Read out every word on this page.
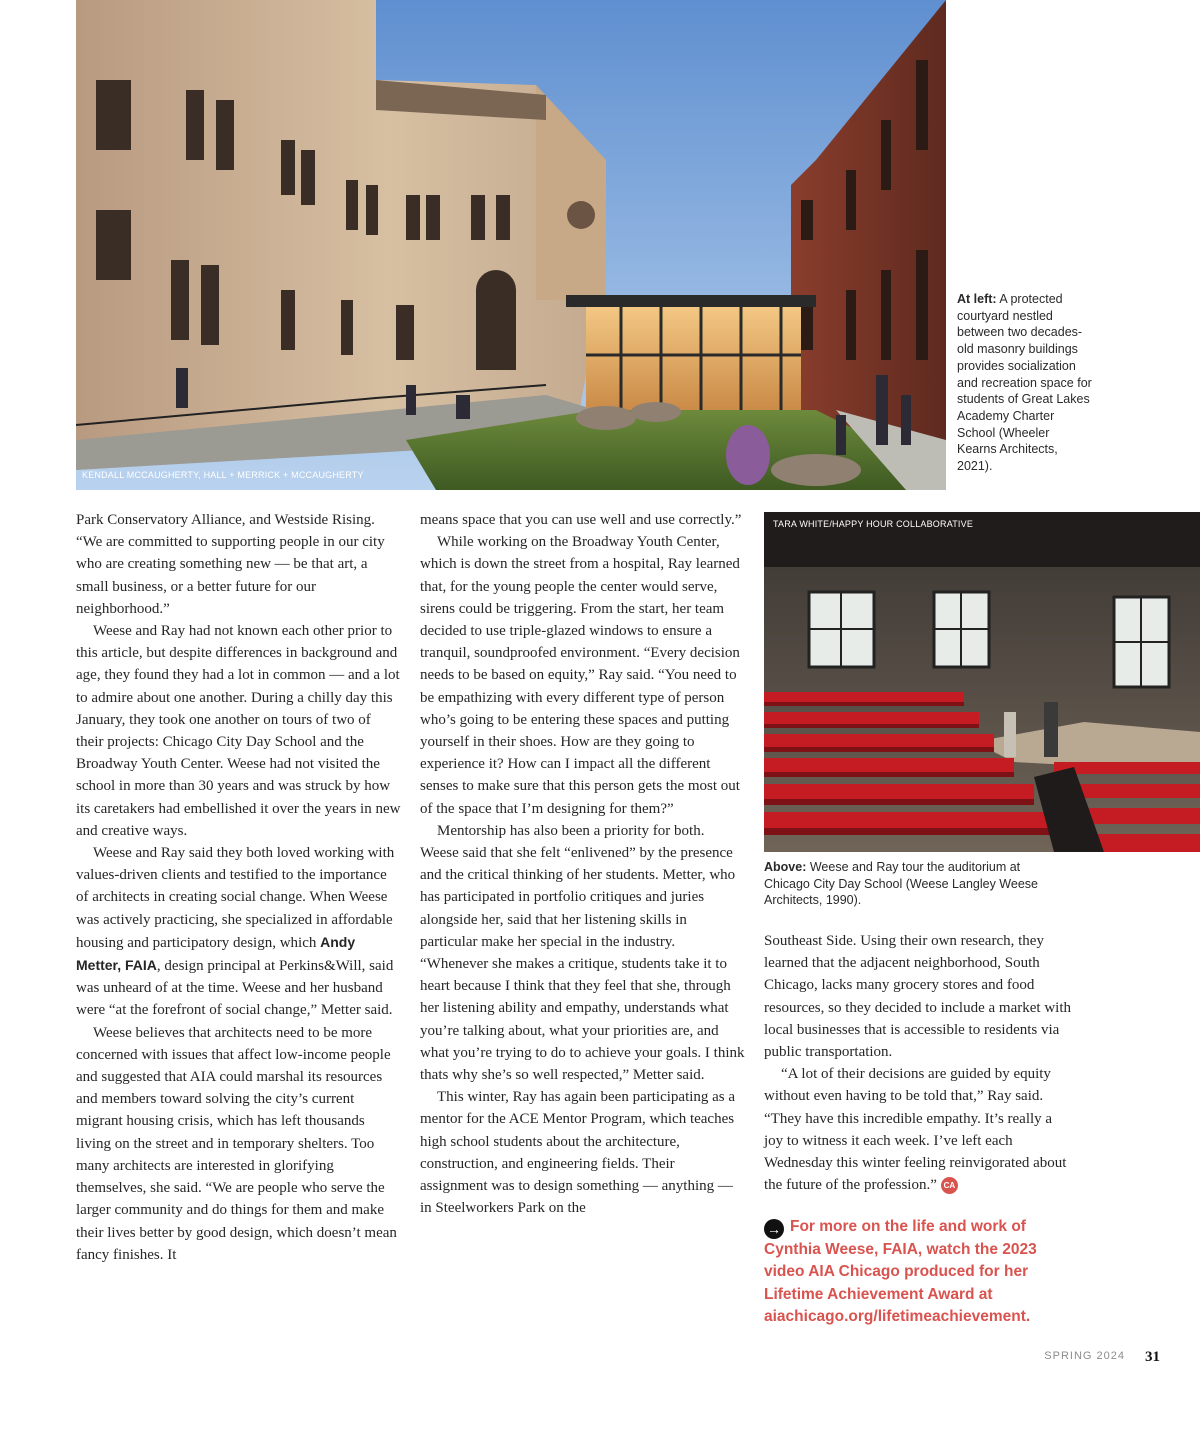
KENDALL MCCAUGHERTY, HALL + MERRICK + MCCAUGHERTY

At left: A protected courtyard nestled between two decades-old masonry buildings provides socialization and recreation space for students of Great Lakes Academy Charter School (Wheeler Kearns Architects, 2021).

TARA WHITE/HAPPY HOUR COLLABORATIVE

Above: Weese and Ray tour the auditorium at Chicago City Day School (Weese Langley Weese Architects, 1990).

Park Conservatory Alliance, and Westside Rising. “We are committed to supporting people in our city who are creating something new — be that art, a small business, or a better future for our neighborhood.”

Weese and Ray had not known each other prior to this article, but despite differences in background and age, they found they had a lot in common — and a lot to admire about one another. During a chilly day this January, they took one another on tours of two of their projects: Chicago City Day School and the Broadway Youth Center. Weese had not visited the school in more than 30 years and was struck by how its caretakers had embellished it over the years in new and creative ways.

Weese and Ray said they both loved working with values-driven clients and testified to the importance of architects in creating social change. When Weese was actively practicing, she specialized in affordable housing and participatory design, which Andy Metter, FAIA, design principal at Perkins&Will, said was unheard of at the time. Weese and her husband were “at the forefront of social change,” Metter said.

Weese believes that architects need to be more concerned with issues that affect low-income people and suggested that AIA could marshal its resources and members toward solving the city’s current migrant housing crisis, which has left thousands living on the street and in temporary shelters. Too many architects are interested in glorifying themselves, she said. “We are people who serve the larger community and do things for them and make their lives better by good design, which doesn’t mean fancy finishes. It

means space that you can use well and use correctly.”

While working on the Broadway Youth Center, which is down the street from a hospital, Ray learned that, for the young people the center would serve, sirens could be triggering. From the start, her team decided to use triple-glazed windows to ensure a tranquil, soundproofed environment. “Every decision needs to be based on equity,” Ray said. “You need to be empathizing with every different type of person who’s going to be entering these spaces and putting yourself in their shoes. How are they going to experience it? How can I impact all the different senses to make sure that this person gets the most out of the space that I’m designing for them?”

Mentorship has also been a priority for both. Weese said that she felt “enlivened” by the presence and the critical thinking of her students. Metter, who has participated in portfolio critiques and juries alongside her, said that her listening skills in particular make her special in the industry. “Whenever she makes a critique, students take it to heart because I think that they feel that she, through her listening ability and empathy, understands what you’re talking about, what your priorities are, and what you’re trying to do to achieve your goals. I think thats why she’s so well respected,” Metter said.

This winter, Ray has again been participating as a mentor for the ACE Mentor Program, which teaches high school students about the architecture, construction, and engineering fields. Their assignment was to design something — anything — in Steelworkers Park on the

Southeast Side. Using their own research, they learned that the adjacent neighborhood, South Chicago, lacks many grocery stores and food resources, so they decided to include a market with local businesses that is accessible to residents via public transportation.

“A lot of their decisions are guided by equity without even having to be told that,” Ray said. “They have this incredible empathy. It’s really a joy to witness it each week. I’ve left each Wednesday this winter feeling reinvigorated about the future of the profession.” CA

→ For more on the life and work of Cynthia Weese, FAIA, watch the 2023 video AIA Chicago produced for her Lifetime Achievement Award at aiachicago.org/lifetimeachievement.

SPRING 2024 31
